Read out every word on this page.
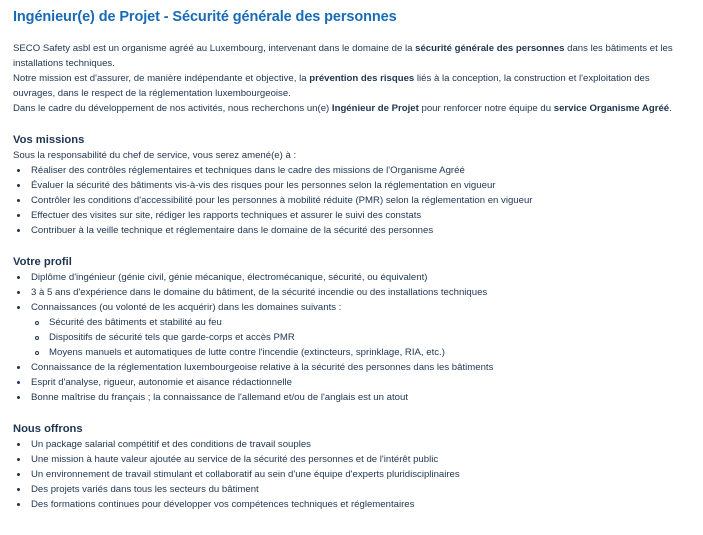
Ingénieur(e) de Projet - Sécurité générale des personnes

SECO Safety asbl est un organisme agréé au Luxembourg, intervenant dans le domaine de la sécurité générale des personnes dans les bâtiments et les installations techniques.

Notre mission est d'assurer, de manière indépendante et objective, la prévention des risques liés à la conception, la construction et l'exploitation des ouvrages, dans le respect de la réglementation luxembourgeoise.

Dans le cadre du développement de nos activités, nous recherchons un(e) Ingénieur de Projet pour renforcer notre équipe du service Organisme Agréé.

Vos missions

Sous la responsabilité du chef de service, vous serez amené(e) à :

Réaliser des contrôles réglementaires et techniques dans le cadre des missions de l'Organisme Agréé
Évaluer la sécurité des bâtiments vis-à-vis des risques pour les personnes selon la réglementation en vigueur
Contrôler les conditions d'accessibilité pour les personnes à mobilité réduite (PMR) selon la réglementation en vigueur
Effectuer des visites sur site, rédiger les rapports techniques et assurer le suivi des constats
Contribuer à la veille technique et réglementaire dans le domaine de la sécurité des personnes
Votre profil
Diplôme d'ingénieur (génie civil, génie mécanique, électromécanique, sécurité, ou équivalent)
3 à 5 ans d'expérience dans le domaine du bâtiment, de la sécurité incendie ou des installations techniques
Connaissances (ou volonté de les acquérir) dans les domaines suivants :
Sécurité des bâtiments et stabilité au feu
Dispositifs de sécurité tels que garde-corps et accès PMR
Moyens manuels et automatiques de lutte contre l'incendie (extincteurs, sprinklage, RIA, etc.)
Connaissance de la réglementation luxembourgeoise relative à la sécurité des personnes dans les bâtiments
Esprit d'analyse, rigueur, autonomie et aisance rédactionnelle
Bonne maîtrise du français ; la connaissance de l'allemand et/ou de l'anglais est un atout
Nous offrons
Un package salarial compétitif et des conditions de travail souples
Une mission à haute valeur ajoutée au service de la sécurité des personnes et de l'intérêt public
Un environnement de travail stimulant et collaboratif au sein d'une équipe d'experts pluridisciplinaires
Des projets variés dans tous les secteurs du bâtiment
Des formations continues pour développer vos compétences techniques et réglementaires
